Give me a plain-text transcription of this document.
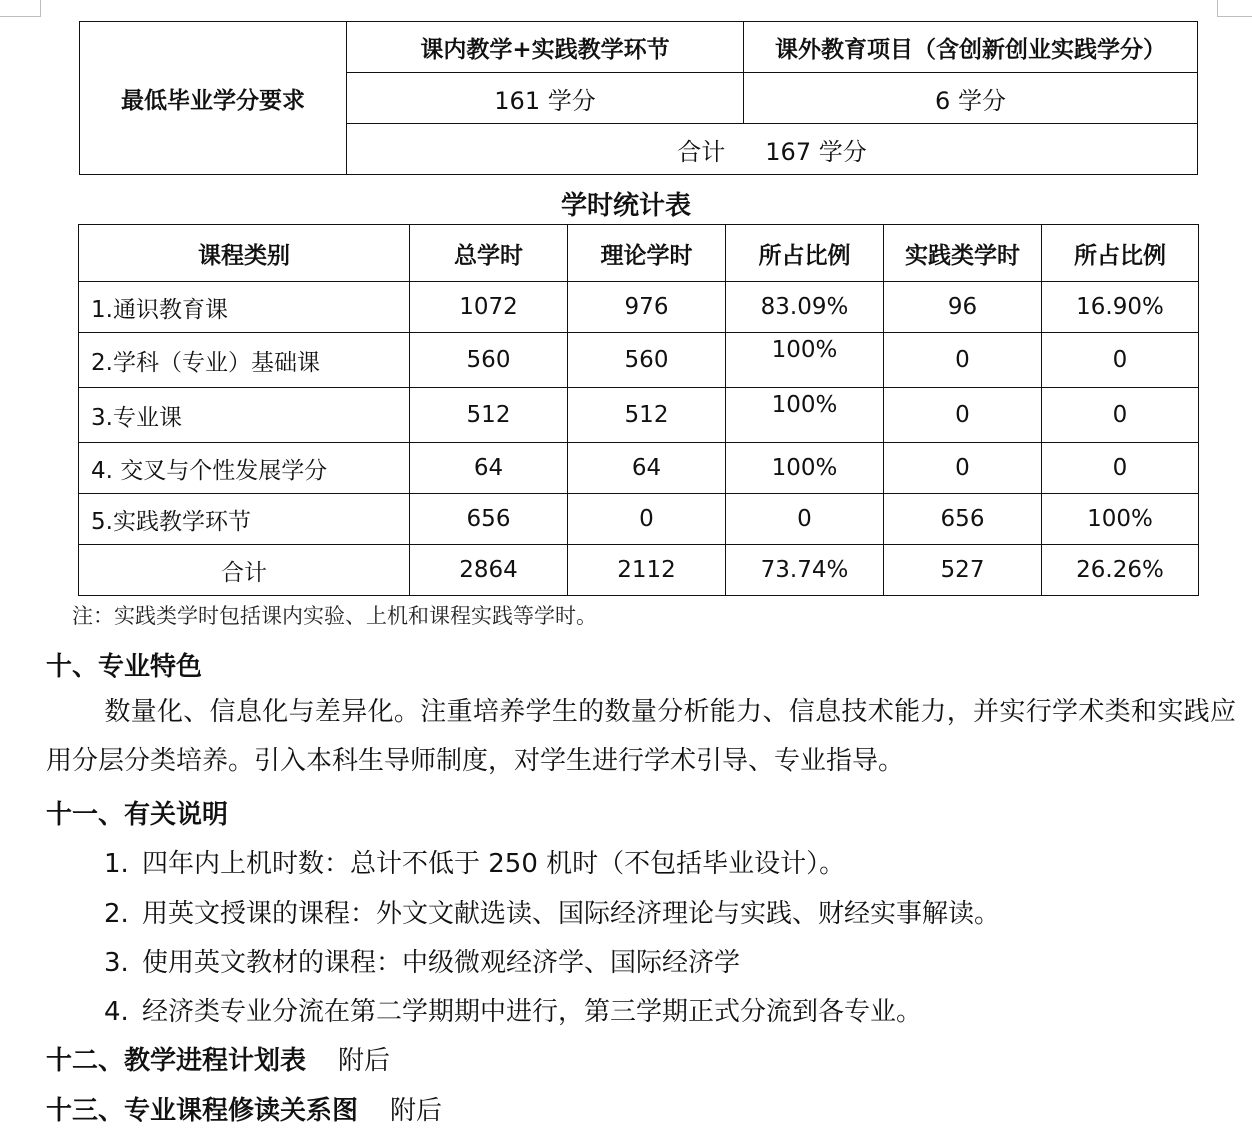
最低毕业学分要求	课内教学+实践教学环节	课外教育项目（含创新创业实践学分）
	161 学分	6 学分
	合计 167 学分	
学时统计表
课程类别	总学时	理论学时	所占比例	实践类学时	所占比例
1.通识教育课	1072	976	83.09%	96	16.90%
2.学科（专业）基础课	560	560	100%	0	0
3.专业课	512	512	100%	0	0
4. 交叉与个性发展学分	64	64	100%	0	0
5.实践教学环节	656	0	0	656	100%
合计	2864	2112	73.74%	527	26.26%
注：实践类学时包括课内实验、上机和课程实践等学时。
十、专业特色
数量化、信息化与差异化。注重培养学生的数量分析能力、信息技术能力，并实行学术类和实践应用分层分类培养。引入本科生导师制度，对学生进行学术引导、专业指导。
十一、有关说明
1. 四年内上机时数：总计不低于 250 机时（不包括毕业设计）。
2. 用英文授课的课程：外文文献选读、国际经济理论与实践、财经实事解读。
3. 使用英文教材的课程：中级微观经济学、国际经济学
4. 经济类专业分流在第二学期期中进行，第三学期正式分流到各专业。
十二、教学进程计划表 附后
十三、专业课程修读关系图 附后
